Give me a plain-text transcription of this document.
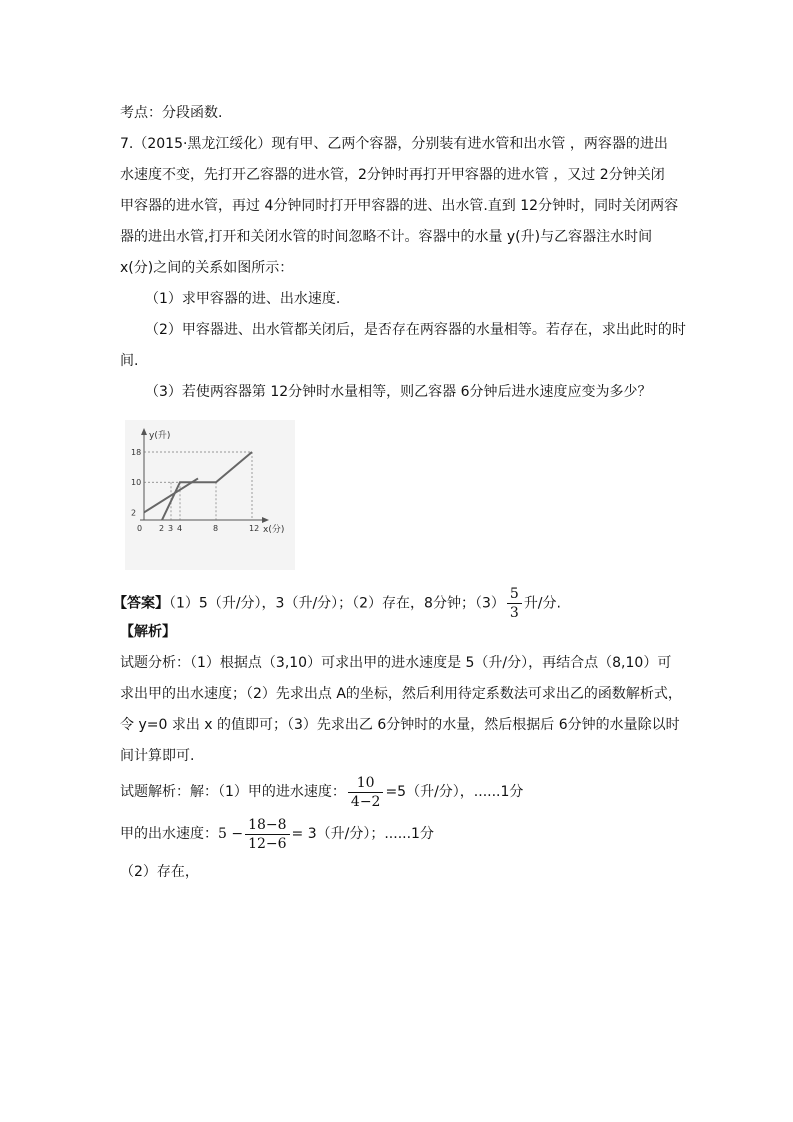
考点：分段函数.
7.（2015·黑龙江绥化）现有甲、乙两个容器，分别装有进水管和出水管 ，两容器的进出
水速度不变，先打开乙容器的进水管，2分钟时再打开甲容器的进水管 ，又过 2分钟关闭
甲容器的进水管，再过 4分钟同时打开甲容器的进、出水管.直到 12分钟时，同时关闭两容
器的进出水管,打开和关闭水管的时间忽略不计。容器中的水量 y(升)与乙容器注水时间
x(分)之间的关系如图所示：
（1）求甲容器的进、出水速度.
（2）甲容器进、出水管都关闭后，是否存在两容器的水量相等。若存在，求出此时的时
间.
（3）若使两容器第 12分钟时水量相等，则乙容器 6分钟后进水速度应变为多少？
y(升)
x(分)
0 2 3 4	8	12
18
10
2
【答案】（1）5（升/分），3（升/分）；（2）存在，8分钟；$(3) \frac{5}{3}$ 升/分.
【解析】
试题分析：（1）根据点（3,10）可求出甲的进水速度是 5（升/分），再结合点（8,10）可
求出甲的出水速度；（2）先求出点 A的坐标，然后利用待定系数法可求出乙的函数解析式，
令 y=0 求出 x 的值即可；（3）先求出乙 6分钟时的水量，然后根据后 6分钟的水量除以时
间计算即可.
试题解析：解：（1）甲的进水速度： $\frac{10}{4-2} =5$（升/分），......1分
甲的出水速度：$5 - \frac{18-8}{12-6} = 3$（升/分）；......1分
（2）存在，
